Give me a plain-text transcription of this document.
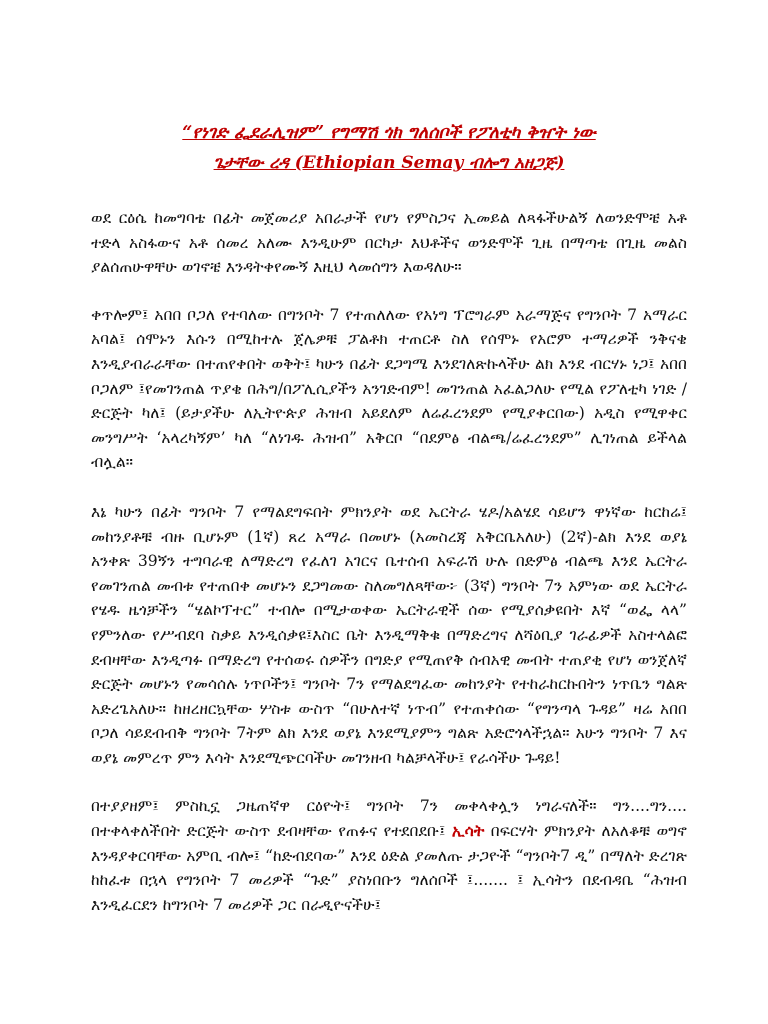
“የነገድ ፌደራሊዝም” የግማሽ ጎክ ግለሰቦች የፖለቲካ ቅዠት ነው

ጌታቸው ረዳ (Ethiopian Semay ብሎግ አዘጋጅ)

ወደ ርዕሴ ከመግባቴ በፊት መጀመሪያ አበራታች የሆነ የምስጋና ኢመይል ለጻፋችሁልኝ ለወንድሞቼ አቶ ተድላ አስፋውና አቶ ሰመረ አለሙ እንዲሁም በርካታ እህቶችና ወንድሞች ጊዜ በማጣቴ በጊዜ መልስ ያልሰጠሁዋቸሁ ወገኖቼ እንዳትቀየሙኝ እዚህ ላመሰግን እወዳለሁ።

ቀጥሎም፤ አበበ ቦጋለ የተባለው በግንቦት 7 የተጠለለው የአነግ ፕሮግራም አራማጅና የግንቦት 7 አማራር አባል፤ ሰሞኑን እሱን በሚከተሉ ጀሌዎቹ ፓልቶክ ተጠርቶ ስለ የሰሞኑ የአሮም ተማሪዎች ንቅናቄ እንዲያብራራቸው በተጠየቀበት ወቅት፤ ካሁን በፊት ደጋግሜ እንደገለጽኩላችሁ ልክ እንደ ብርሃኑ ነጋ፤ አበበ ቦጋለም ፤የመገንጠል ጥያቄ በሕግ/በፖሊሲያችን አንገድብም! መገንጠል አፈልጋለሁ የሚል የፖለቲካ ነገድ /ድርጅት ካለ፤ (ይታያችሁ ለኢትዮጵያ ሕዝብ አይደለም ለሬፈረንደም የሚያቀርበው) አዲስ የሚዋቀር መንግሥት ‘አላረካኝም’ ካለ “ለነገዱ ሕዝብ” አቅርቦ “በደምፅ ብልጫ/ሬፈረንደም” ሊገነጠል ይችላል ብሏል።

እኔ ካሁን በፊት ግንቦት 7 የማልደግፍበት ምክንያት ወደ ኤርትራ ሄዶ/አልሄደ ሳይሆን ዋነኛው ከርከሬ፤ መከንያቶቹ ብዙ ቢሆኑም (1ኛ) ጸረ አማራ በመሆኑ (አመስረጃ አቅርቤአለሁ) (2ኛ)-ልክ እንደ ወያኔ አንቀጽ 39ኝን ተግባራዊ ለማድረግ የፈለገ አገርና ቤተሰብ አፍራሽ ሁሉ በድምፅ ብልጫ እንደ ኤርትራ የመገንጠል መብቱ የተጠበቀ መሆኑን ደጋግመው ስለመግለጻቸው፦ (3ኛ) ግንቦት 7ን አምነው ወደ ኤርትራ የሄዱ ዜጎቻችን “ሄልኮፕተር” ተብሎ በሚታወቀው ኤርትራዊች ሰው የሚያሰቃዩበት እኛ “ወፌ ላላ” የምንለው የሥብደባ ስቃይ እንዲሰቃዩ፤እስር ቤት እንዲማቅቁ በማድረግና ለሻዕቢያ ገራፊዎች አስተላልፎ ደብዛቸው እንዲጣፉ በማድረግ የተሰወሩ ሰዎችን በግድያ የሚጠየቅ ሰብአዊ መብት ተጠያቂ የሆነ ወንጀለኛ ድርጅት መሆኑን የመሳሰሉ ነጥቦችን፤ ግንቦት 7ን የማልደግፈው መከንያት የተከራከርኩበትን ነጥቤን ግልጽ አድረጌአለሁ። ከዘረዘርኳቸው ሦስቱ ውስጥ “በሁለተኛ ነጥብ” የተጠቀሰው “የግንጣላ ጉዳይ” ዛሬ አበበ ቦጋለ ሳይደብብቅ ግንቦት 7ትም ልክ እንደ ወያኔ እንደሚያምን ግልጽ አድሮጎላችኋል። አሁን ግንቦት 7 እና ወያኔ መምረጥ ምን እሳት እንደሚጭርባችሁ መገንዘብ ካልቻላችሁ፤ የራሳችሁ ጉዳይ!

በተያያዘም፤ ምስኪኗ ጋዜጠኛዋ ርዕዮት፤ ግንቦት 7ን መቀላቀሏን ነግራናለች። ግን....ግን.... በተቀላቀለችበት ድርጅት ውስጥ ደብዛቸው የጠፉና የተደበደቡ፤ ኢሳት በፍርሃት ምክንያት ለአለቆቹ ወግኖ እንዳያቀርባቸው አምቢ ብሎ፤ “ከድብደባው” እንደ ዕድል ያመለጡ ታጋዮች “ግንቦት7 ዲ” በማለት ድረገጽ ከከፈቱ በኋላ የግንቦት 7 መሪዎች “ጉድ” ያስነበቡን ግለሰቦች ፤....... ፤ ኢሳትን በደብዳቤ “ሕዝብ እንዲፈርደን ከግንቦት 7 መሪዎች ጋር በራዲዮናችሁ፤
